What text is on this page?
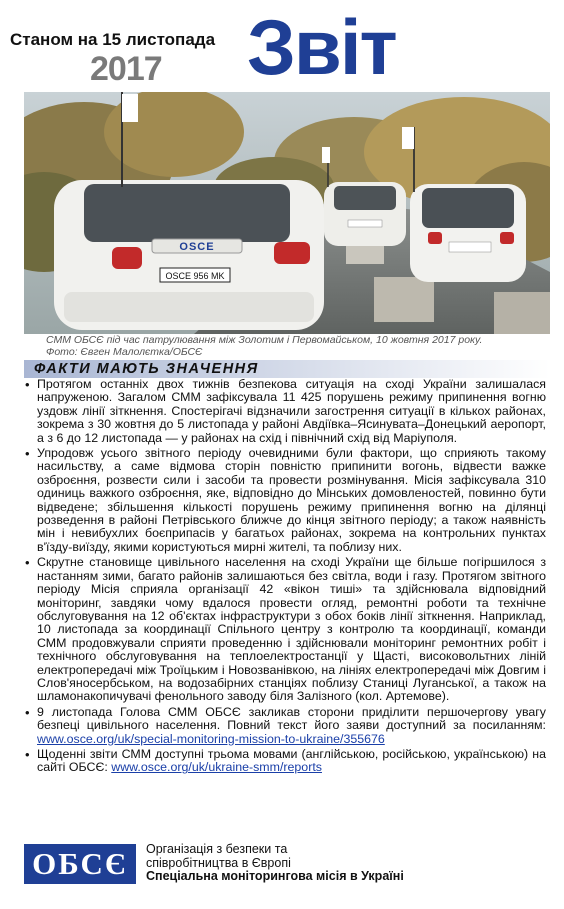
Станом на 15 листопада
2017 Звіт
OSCE
OSCE 956 MK
СММ ОБСЄ під час патрулювання між Золотим і Первомайськом, 10 жовтня 2017 року.
Фото: Євген Малолєтка/ОБСЄ
ФАКТИ МАЮТЬ ЗНАЧЕННЯ
• Протягом останніх двох тижнів безпекова ситуація на сході України залишалася напруженою. Загалом СММ зафіксувала 11 425 порушень режиму припинення вогню уздовж лінії зіткнення. Спостерігачі відзначили загострення ситуації в кількох районах, зокрема з 30 жовтня до 5 листопада у районі Авдіївка–Ясинувата–Донецький аеропорт, а з 6 до 12 листопада — у районах на схід і північний схід від Маріуполя.
• Упродовж усього звітного періоду очевидними були фактори, що сприяють такому насильству, а саме відмова сторін повністю припинити вогонь, відвести важке озброєння, розвести сили і засоби та провести розмінування. Місія зафіксувала 310 одиниць важкого озброєння, яке, відповідно до Мінських домовленостей, повинно бути відведене; збільшення кількості порушень режиму припинення вогню на ділянці розведення в районі Петрівського ближче до кінця звітного періоду; а також наявність мін і невибухлих боєприпасів у багатьох районах, зокрема на контрольних пунктах в'їзду-виїзду, якими користуються мирні жителі, та поблизу них.
• Скрутне становище цивільного населення на сході України ще більше погіршилося з настанням зими, багато районів залишаються без світла, води і газу. Протягом звітного періоду Місія сприяла організації 42 «вікон тиші» та здійснювала відповідний моніторинг, завдяки чому вдалося провести огляд, ремонтні роботи та технічне обслуговування на 12 об'єктах інфраструктури з обох боків лінії зіткнення. Наприклад, 10 листопада за координації Спільного центру з контролю та координації, команди СММ продовжували сприяти проведенню і здійснювали моніторинг ремонтних робіт і технічного обслуговування на теплоелектростанції у Щасті, високовольтних ліній електропередачі між Троїцьким і Новозванівкою, на лініях електропередачі між Довгим і Слов'яносербськом, на водозабірних станціях поблизу Станиці Луганської, а також на шламонакопичувачі фенольного заводу біля Залізного (кол. Артемове).
• 9 листопада Голова СММ ОБСЄ закликав сторони приділити першочергову увагу безпеці цивільного населення. Повний текст його заяви доступний за посиланням: www.osce.org/uk/special-monitoring-mission-to-ukraine/355676
• Щоденні звіти СММ доступні трьома мовами (англійською, російською, українською) на сайті ОБСЄ: www.osce.org/uk/ukraine-smm/reports
ОБСЄ	Організація з безпеки та
співробітництва в Європі
Спеціальна моніторингова місія в Україні
